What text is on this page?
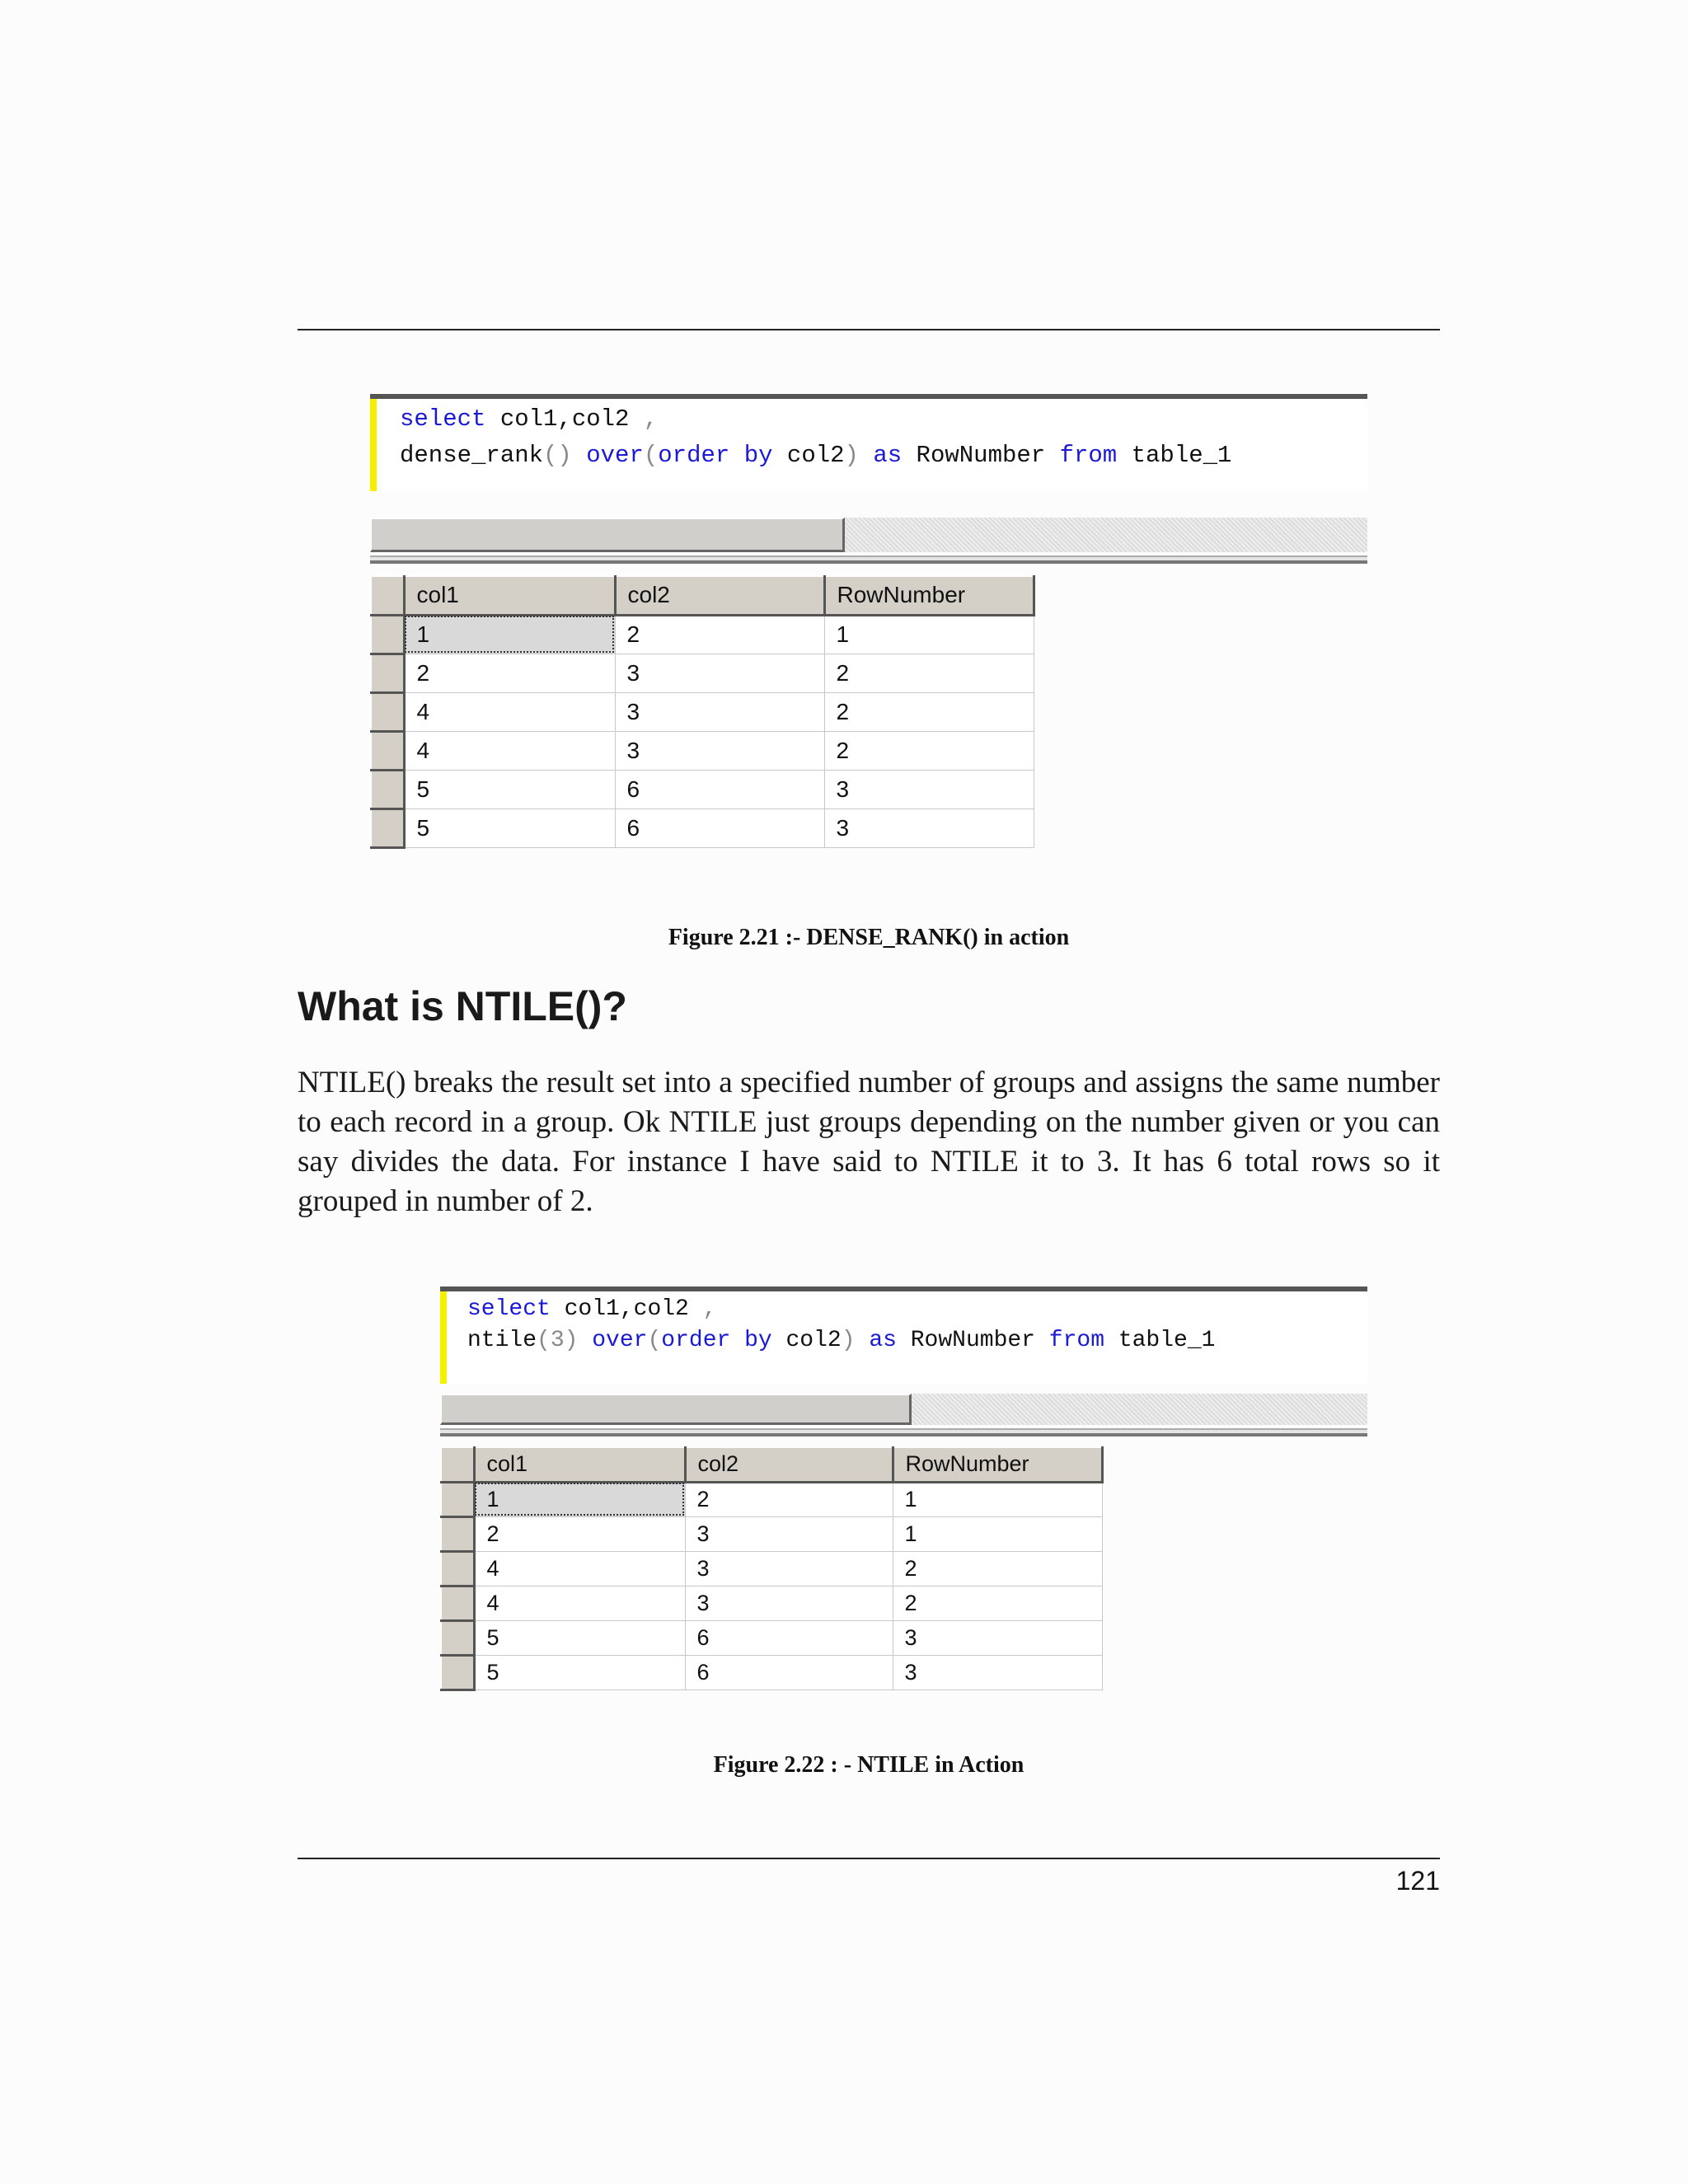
select col1,col2 ,
dense_rank() over(order by col2) as RowNumber from table_1
	col1	col2	RowNumber
	1	2	1
	2	3	2
	4	3	2
	4	3	2
	5	6	3
	5	6	3
Figure 2.21 :- DENSE_RANK() in action
What is NTILE()?

NTILE() breaks the result set into a specified number of groups and assigns the same number to each record in a group. Ok NTILE just groups depending on the number given or you can say divides the data. For instance I have said to NTILE it to 3. It has 6 total rows so it grouped in number of 2.

select col1,col2 ,
ntile(3) over(order by col2) as RowNumber from table_1
	col1	col2	RowNumber
	1	2	1
	2	3	1
	4	3	2
	4	3	2
	5	6	3
	5	6	3
Figure 2.22 : - NTILE in Action
121
